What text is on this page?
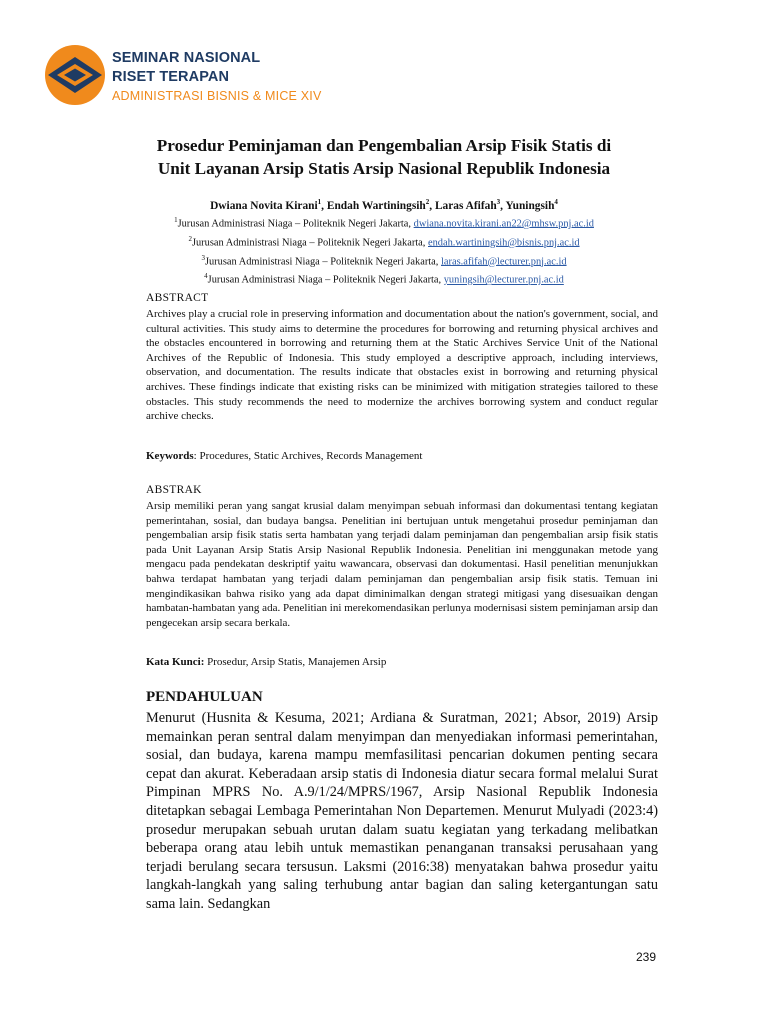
SEMINAR NASIONAL
RISET TERAPAN
ADMINISTRASI BISNIS & MICE XIV
Prosedur Peminjaman dan Pengembalian Arsip Fisik Statis di
Unit Layanan Arsip Statis Arsip Nasional Republik Indonesia
Dwiana Novita Kirani$^1$, Endah Wartiningsih$^2$, Laras Afifah$^3$, Yuningsih$^4$
$^1$Jurusan Administrasi Niaga – Politeknik Negeri Jakarta, dwiana.novita.kirani.an22@mhsw.pnj.ac.id
$^2$Jurusan Administrasi Niaga – Politeknik Negeri Jakarta, endah.wartiningsih@bisnis.pnj.ac.id
$^3$Jurusan Administrasi Niaga – Politeknik Negeri Jakarta, laras.afifah@lecturer.pnj.ac.id
$^4$Jurusan Administrasi Niaga – Politeknik Negeri Jakarta, yuningsih@lecturer.pnj.ac.id
ABSTRACT
Archives play a crucial role in preserving information and documentation about the nation's government, social, and cultural activities. This study aims to determine the procedures for borrowing and returning physical archives and the obstacles encountered in borrowing and returning them at the Static Archives Service Unit of the National Archives of the Republic of Indonesia. This study employed a descriptive approach, including interviews, observation, and documentation. The results indicate that obstacles exist in borrowing and returning physical archives. These findings indicate that existing risks can be minimized with mitigation strategies tailored to these obstacles. This study recommends the need to modernize the archives borrowing system and conduct regular archive checks.
Keywords: Procedures, Static Archives, Records Management
ABSTRAK
Arsip memiliki peran yang sangat krusial dalam menyimpan sebuah informasi dan dokumentasi tentang kegiatan pemerintahan, sosial, dan budaya bangsa. Penelitian ini bertujuan untuk mengetahui prosedur peminjaman dan pengembalian arsip fisik statis serta hambatan yang terjadi dalam peminjaman dan pengembalian arsip fisik statis pada Unit Layanan Arsip Statis Arsip Nasional Republik Indonesia. Penelitian ini menggunakan metode yang mengacu pada pendekatan deskriptif yaitu wawancara, observasi dan dokumentasi. Hasil penelitian menunjukkan bahwa terdapat hambatan yang terjadi dalam peminjaman dan pengembalian arsip fisik statis. Temuan ini mengindikasikan bahwa risiko yang ada dapat diminimalkan dengan strategi mitigasi yang disesuaikan dengan hambatan-hambatan yang ada. Penelitian ini merekomendasikan perlunya modernisasi sistem peminjaman arsip dan pengecekan arsip secara berkala.
Kata Kunci: Prosedur, Arsip Statis, Manajemen Arsip
PENDAHULUAN
Menurut (Husnita & Kesuma, 2021; Ardiana & Suratman, 2021; Absor, 2019) Arsip memainkan peran sentral dalam menyimpan dan menyediakan informasi pemerintahan, sosial, dan budaya, karena mampu memfasilitasi pencarian dokumen penting secara cepat dan akurat. Keberadaan arsip statis di Indonesia diatur secara formal melalui Surat Pimpinan MPRS No. A.9/1/24/MPRS/1967, Arsip Nasional Republik Indonesia ditetapkan sebagai Lembaga Pemerintahan Non Departemen. Menurut Mulyadi (2023:4) prosedur merupakan sebuah urutan dalam suatu kegiatan yang terkadang melibatkan beberapa orang atau lebih untuk memastikan penanganan transaksi perusahaan yang terjadi berulang secara tersusun. Laksmi (2016:38) menyatakan bahwa prosedur yaitu langkah-langkah yang saling terhubung antar bagian dan saling ketergantungan satu sama lain. Sedangkan
239
